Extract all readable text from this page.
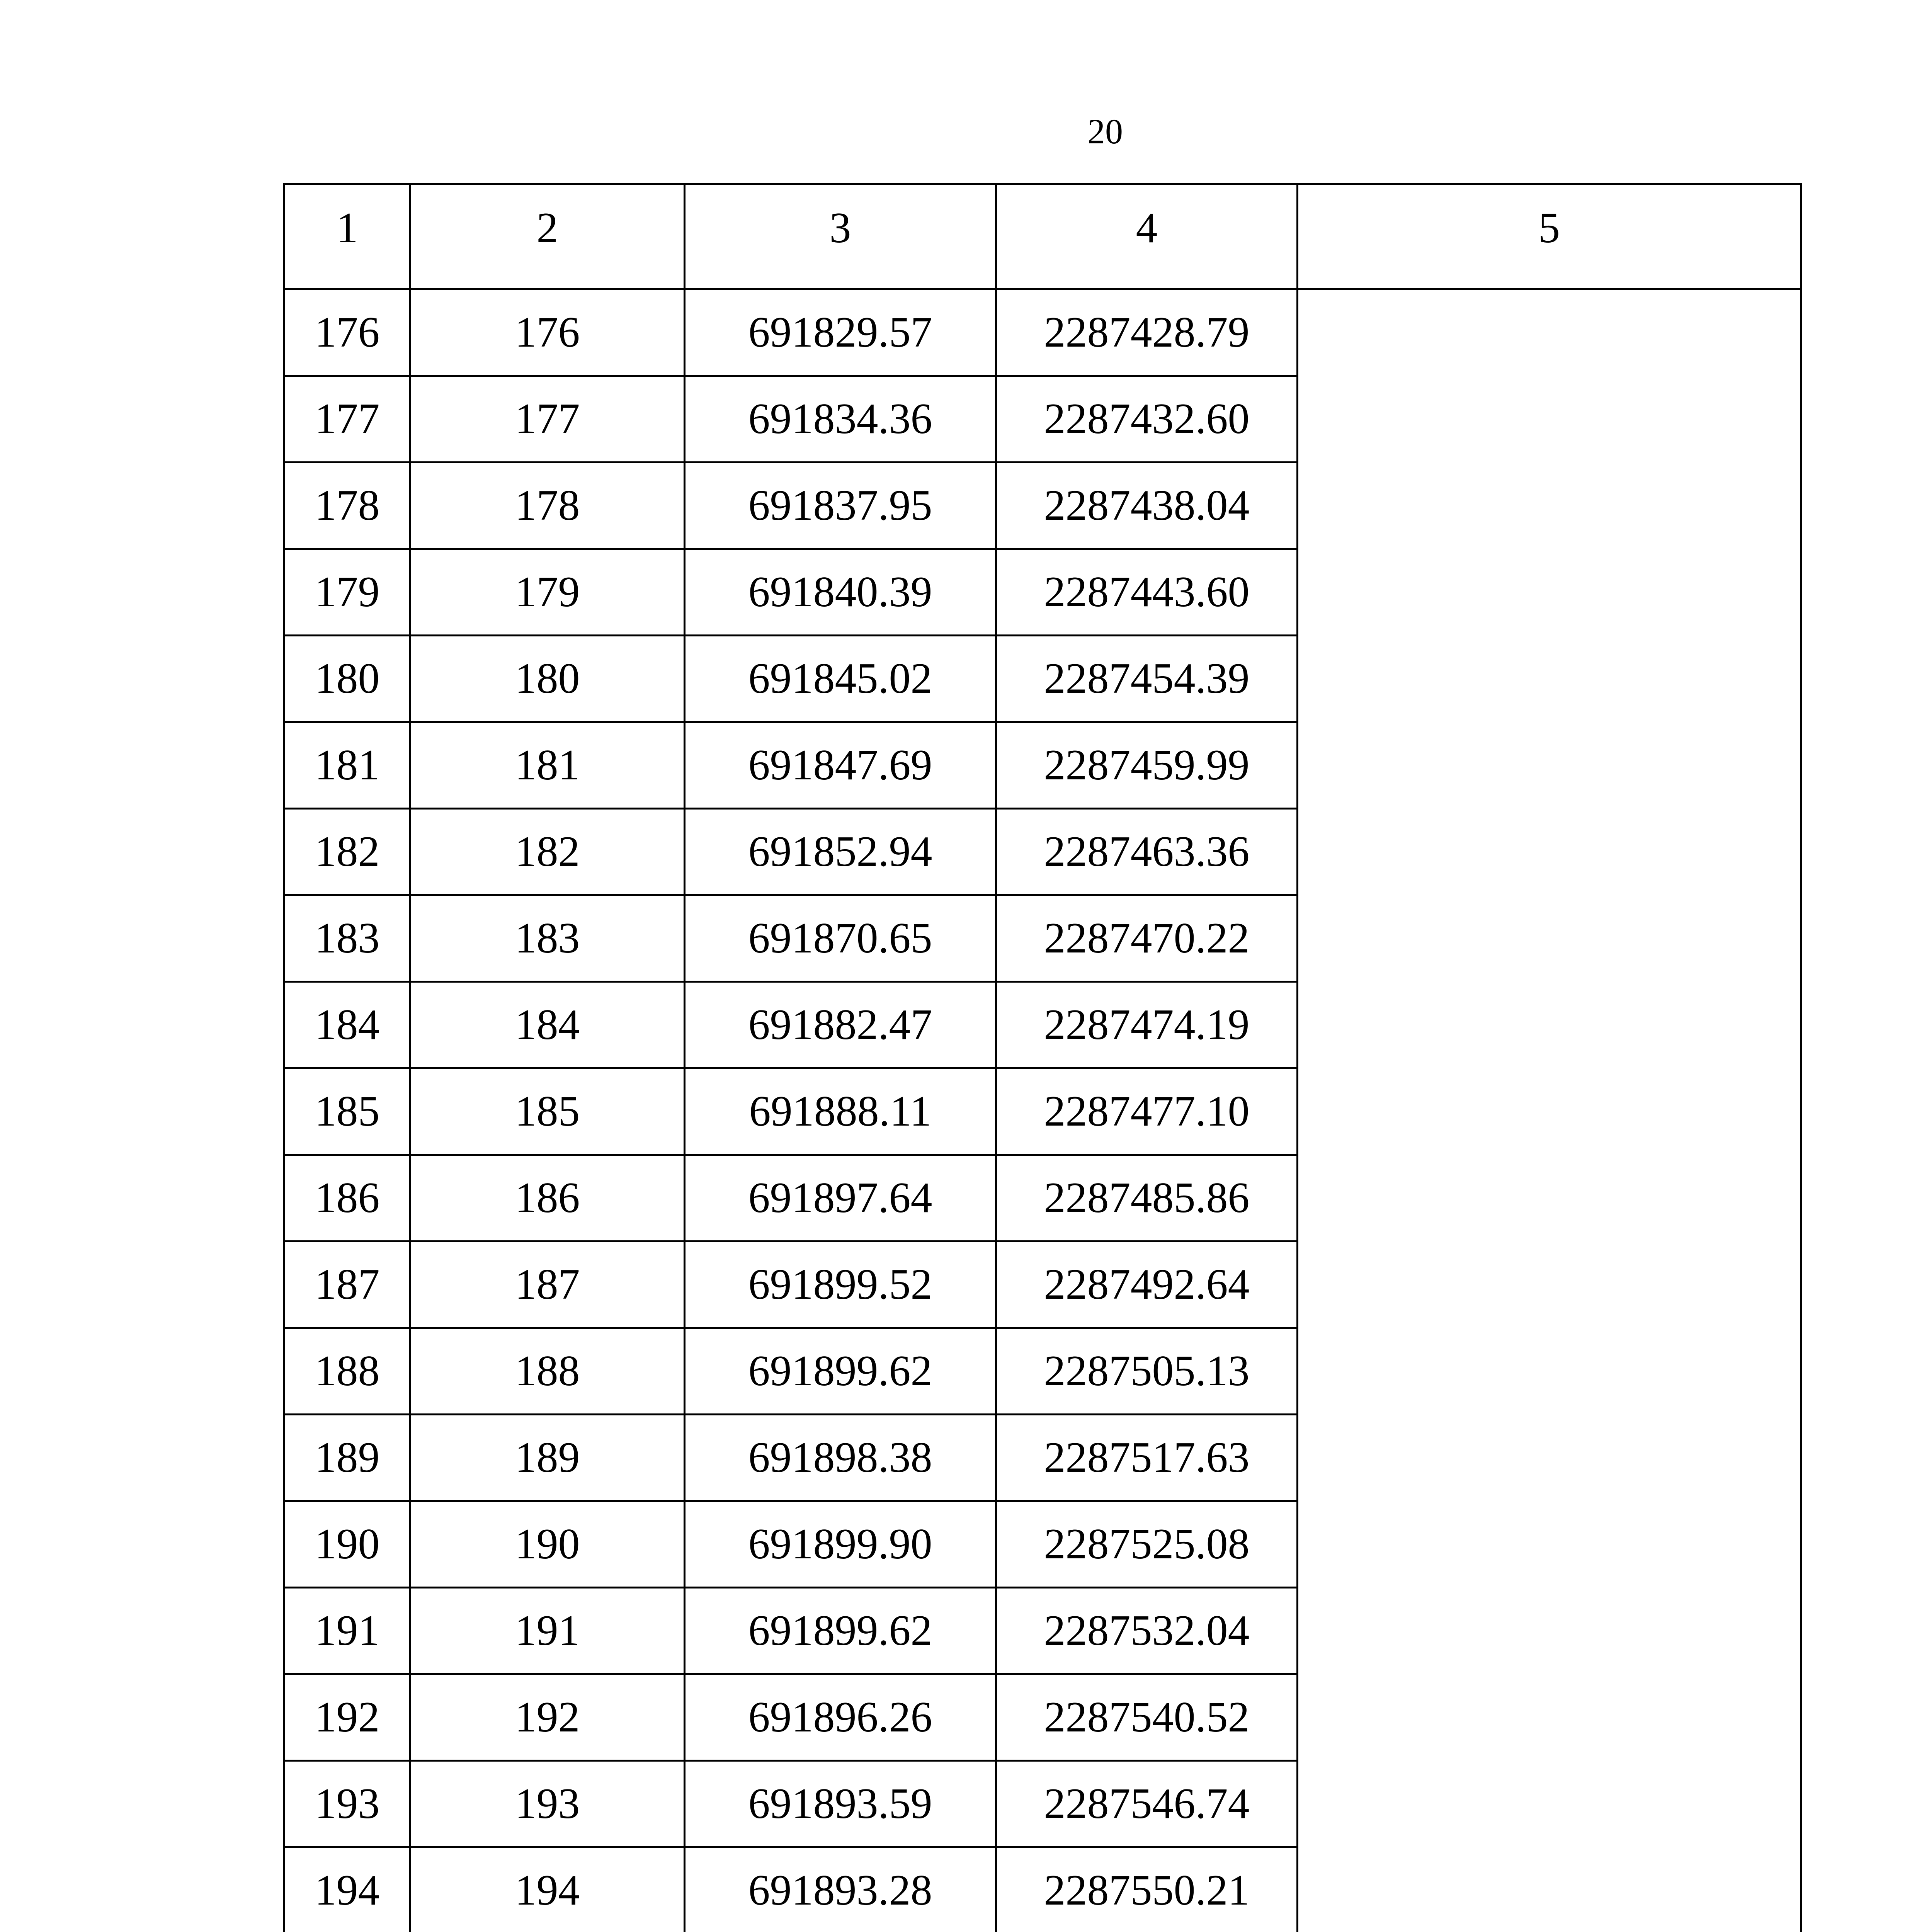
20
1	2	3	4	5
176	176	691829.57	2287428.79	
177	177	691834.36	2287432.60	
178	178	691837.95	2287438.04	
179	179	691840.39	2287443.60	
180	180	691845.02	2287454.39	
181	181	691847.69	2287459.99	
182	182	691852.94	2287463.36	
183	183	691870.65	2287470.22	
184	184	691882.47	2287474.19	
185	185	691888.11	2287477.10	
186	186	691897.64	2287485.86	
187	187	691899.52	2287492.64	
188	188	691899.62	2287505.13	
189	189	691898.38	2287517.63	
190	190	691899.90	2287525.08	
191	191	691899.62	2287532.04	
192	192	691896.26	2287540.52	
193	193	691893.59	2287546.74	
194	194	691893.28	2287550.21	
